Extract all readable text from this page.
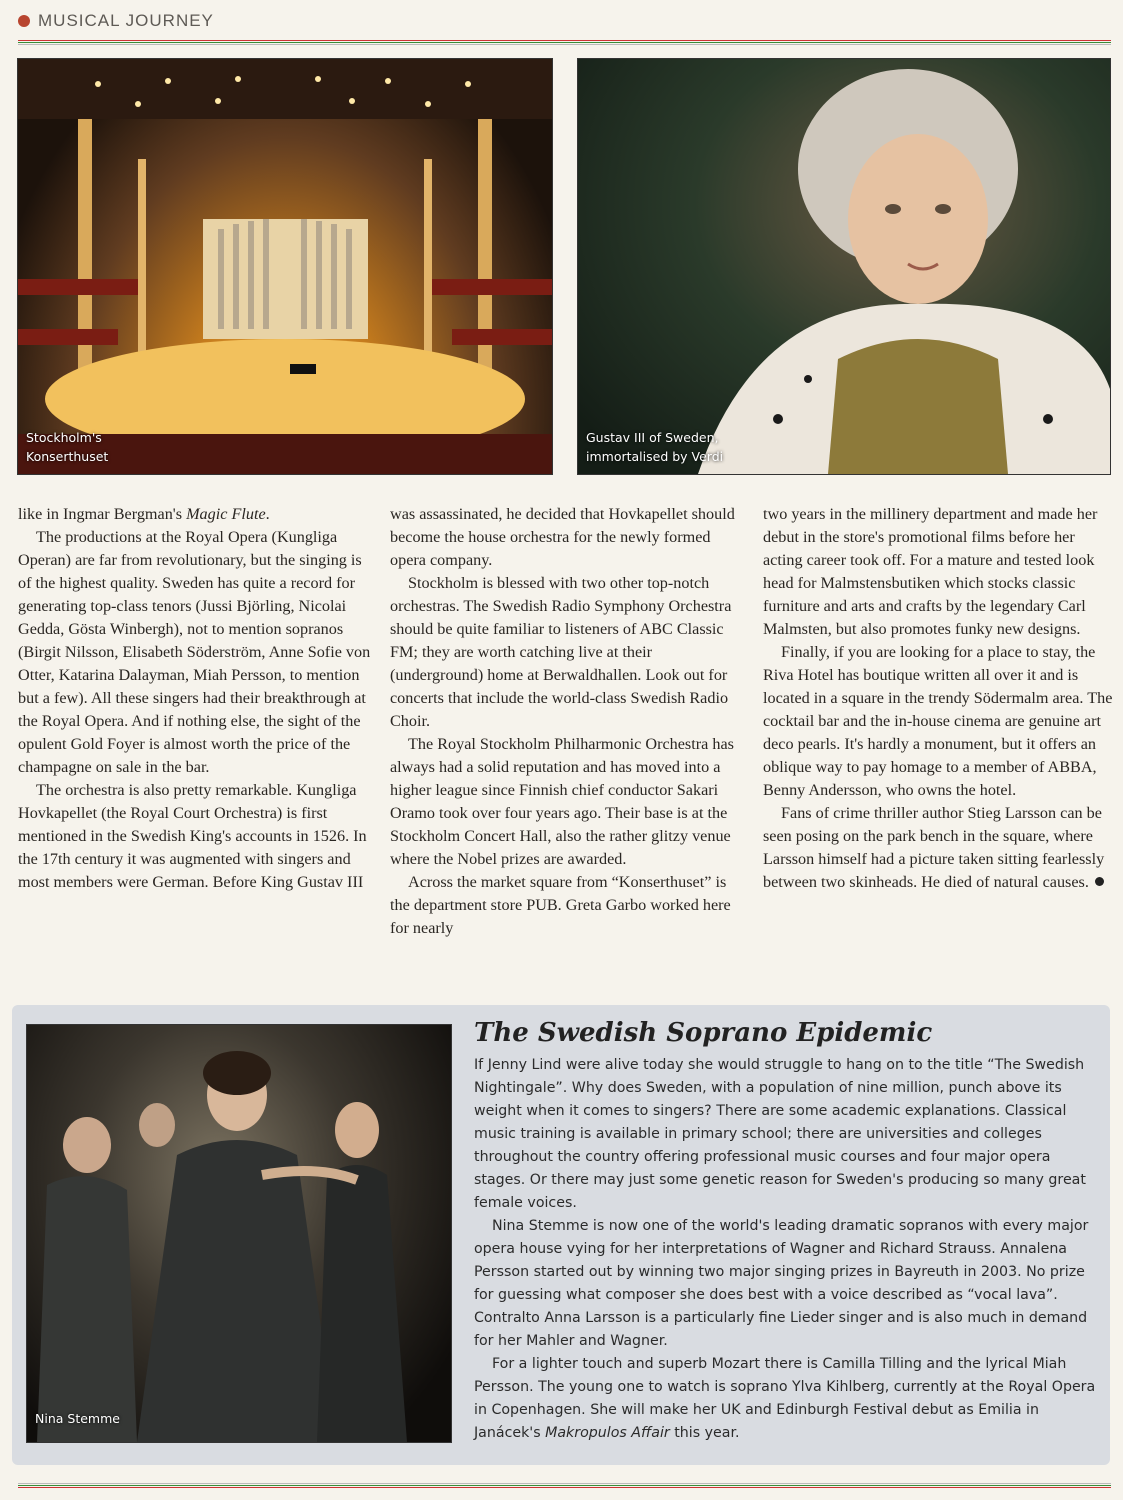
MUSICAL JOURNEY
Stockholm's
Konserthuset
Gustav III of Sweden,
immortalised by Verdi

like in Ingmar Bergman's Magic Flute.

The productions at the Royal Opera (Kungliga Operan) are far from revolutionary, but the singing is of the highest quality. Sweden has quite a record for generating top-class tenors (Jussi Björling, Nicolai Gedda, Gösta Winbergh), not to mention sopranos (Birgit Nilsson, Elisabeth Söderström, Anne Sofie von Otter, Katarina Dalayman, Miah Persson, to mention but a few). All these singers had their breakthrough at the Royal Opera. And if nothing else, the sight of the opulent Gold Foyer is almost worth the price of the champagne on sale in the bar.

The orchestra is also pretty remarkable. Kungliga Hovkapellet (the Royal Court Orchestra) is first mentioned in the Swedish King's accounts in 1526. In the 17th century it was augmented with singers and most members were German. Before King Gustav III

was assassinated, he decided that Hovkapellet should become the house orchestra for the newly formed opera company.

Stockholm is blessed with two other top-notch orchestras. The Swedish Radio Symphony Orchestra should be quite familiar to listeners of ABC Classic FM; they are worth catching live at their (underground) home at Berwaldhallen. Look out for concerts that include the world-class Swedish Radio Choir.

The Royal Stockholm Philharmonic Orchestra has always had a solid reputation and has moved into a higher league since Finnish chief conductor Sakari Oramo took over four years ago. Their base is at the Stockholm Concert Hall, also the rather glitzy venue where the Nobel prizes are awarded.

Across the market square from “Konserthuset” is the department store PUB. Greta Garbo worked here for nearly

two years in the millinery department and made her debut in the store's promotional films before her acting career took off. For a mature and tested look head for Malmstensbutiken which stocks classic furniture and arts and crafts by the legendary Carl Malmsten, but also promotes funky new designs.

Finally, if you are looking for a place to stay, the Riva Hotel has boutique written all over it and is located in a square in the trendy Södermalm area. The cocktail bar and the in-house cinema are genuine art deco pearls. It's hardly a monument, but it offers an oblique way to pay homage to a member of ABBA, Benny Andersson, who owns the hotel.

Fans of crime thriller author Stieg Larsson can be seen posing on the park bench in the square, where Larsson himself had a picture taken sitting fearlessly between two skinheads. He died of natural causes.

Nina Stemme
The Swedish Soprano Epidemic

If Jenny Lind were alive today she would struggle to hang on to the title “The Swedish Nightingale”. Why does Sweden, with a population of nine million, punch above its weight when it comes to singers? There are some academic explanations. Classical music training is available in primary school; there are universities and colleges throughout the country offering professional music courses and four major opera stages. Or there may just some genetic reason for Sweden's producing so many great female voices.

Nina Stemme is now one of the world's leading dramatic sopranos with every major opera house vying for her interpretations of Wagner and Richard Strauss. Annalena Persson started out by winning two major singing prizes in Bayreuth in 2003. No prize for guessing what composer she does best with a voice described as “vocal lava”. Contralto Anna Larsson is a particularly fine Lieder singer and is also much in demand for her Mahler and Wagner.

For a lighter touch and superb Mozart there is Camilla Tilling and the lyrical Miah Persson. The young one to watch is soprano Ylva Kihlberg, currently at the Royal Opera in Copenhagen. She will make her UK and Edinburgh Festival debut as Emilia in Janácek's Makropulos Affair this year.
